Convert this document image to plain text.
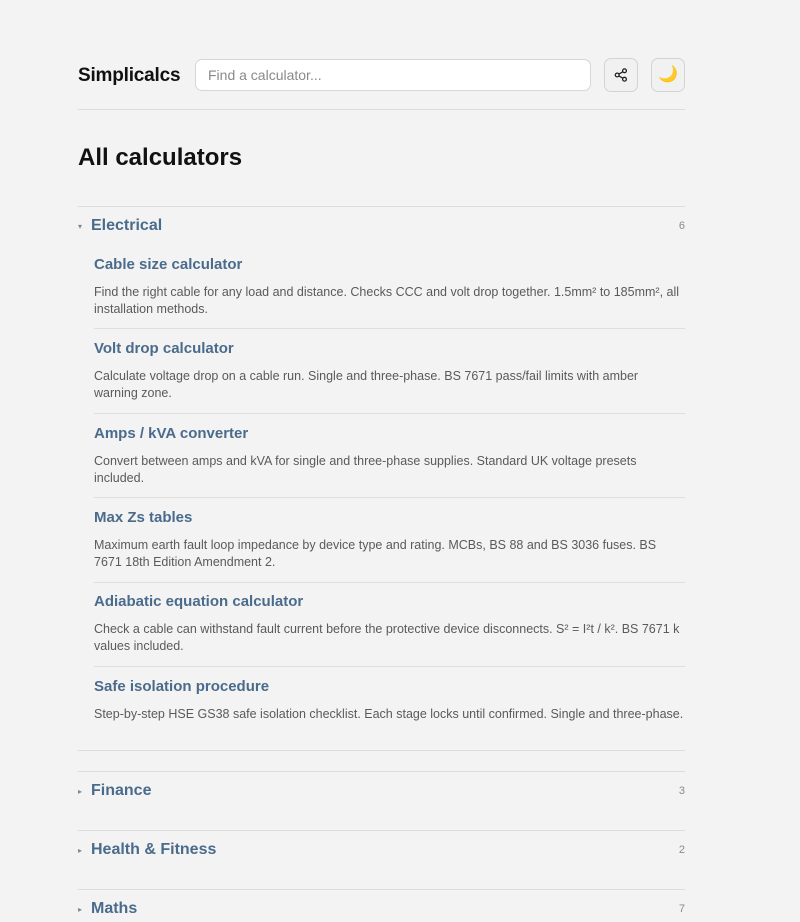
Simplicalcs
Find a calculator...	🌙
All calculators
▾ Electrical	6
Cable size calculator
Find the right cable for any load and distance. Checks CCC and volt drop together. 1.5mm² to 185mm², all installation methods.
Volt drop calculator
Calculate voltage drop on a cable run. Single and three-phase. BS 7671 pass/fail limits with amber warning zone.
Amps / kVA converter
Convert between amps and kVA for single and three-phase supplies. Standard UK voltage presets included.
Max Zs tables
Maximum earth fault loop impedance by device type and rating. MCBs, BS 88 and BS 3036 fuses. BS 7671 18th Edition Amendment 2.
Adiabatic equation calculator
Check a cable can withstand fault current before the protective device disconnects. S² = I²t / k². BS 7671 k values included.
Safe isolation procedure
Step-by-step HSE GS38 safe isolation checklist. Each stage locks until confirmed. Single and three-phase.
▸ Finance	3
▸ Health & Fitness	2
▸ Maths	7
